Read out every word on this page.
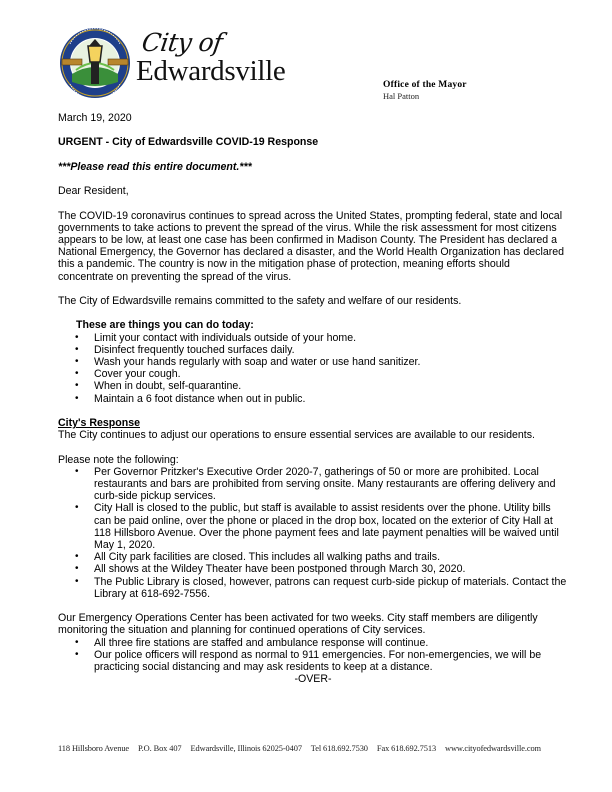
City of
Edwardsville	Office of the Mayor
Hal Patton

March 19, 2020

URGENT - City of Edwardsville COVID-19 Response

***Please read this entire document.***

Dear Resident,

The COVID-19 coronavirus continues to spread across the United States, prompting federal, state and local governments to take actions to prevent the spread of the virus. While the risk assessment for most citizens appears to be low, at least one case has been confirmed in Madison County. The President has declared a National Emergency, the Governor has declared a disaster, and the World Health Organization has declared this a pandemic. The country is now in the mitigation phase of protection, meaning efforts should concentrate on preventing the spread of the virus.

The City of Edwardsville remains committed to the safety and welfare of our residents.

These are things you can do today:

• Limit your contact with individuals outside of your home.
• Disinfect frequently touched surfaces daily.
• Wash your hands regularly with soap and water or use hand sanitizer.
• Cover your cough.
• When in doubt, self-quarantine.
• Maintain a 6 foot distance when out in public.

City's Response

The City continues to adjust our operations to ensure essential services are available to our residents.

Please note the following:

• Per Governor Pritzker's Executive Order 2020-7, gatherings of 50 or more are prohibited. Local restaurants and bars are prohibited from serving onsite. Many restaurants are offering delivery and curb-side pickup services.
• City Hall is closed to the public, but staff is available to assist residents over the phone. Utility bills can be paid online, over the phone or placed in the drop box, located on the exterior of City Hall at 118 Hillsboro Avenue. Over the phone payment fees and late payment penalties will be waived until May 1, 2020.
• All City park facilities are closed. This includes all walking paths and trails.
• All shows at the Wildey Theater have been postponed through March 30, 2020.
• The Public Library is closed, however, patrons can request curb-side pickup of materials. Contact the Library at 618-692-7556.

Our Emergency Operations Center has been activated for two weeks. City staff members are diligently monitoring the situation and planning for continued operations of City services.

• All three fire stations are staffed and ambulance response will continue.
• Our police officers will respond as normal to 911 emergencies. For non-emergencies, we will be practicing social distancing and may ask residents to keep at a distance.

-OVER-

118 Hillsboro Avenue P.O. Box 407 Edwardsville, Illinois 62025-0407 Tel 618.692.7530 Fax 618.692.7513 www.cityofedwardsville.com
